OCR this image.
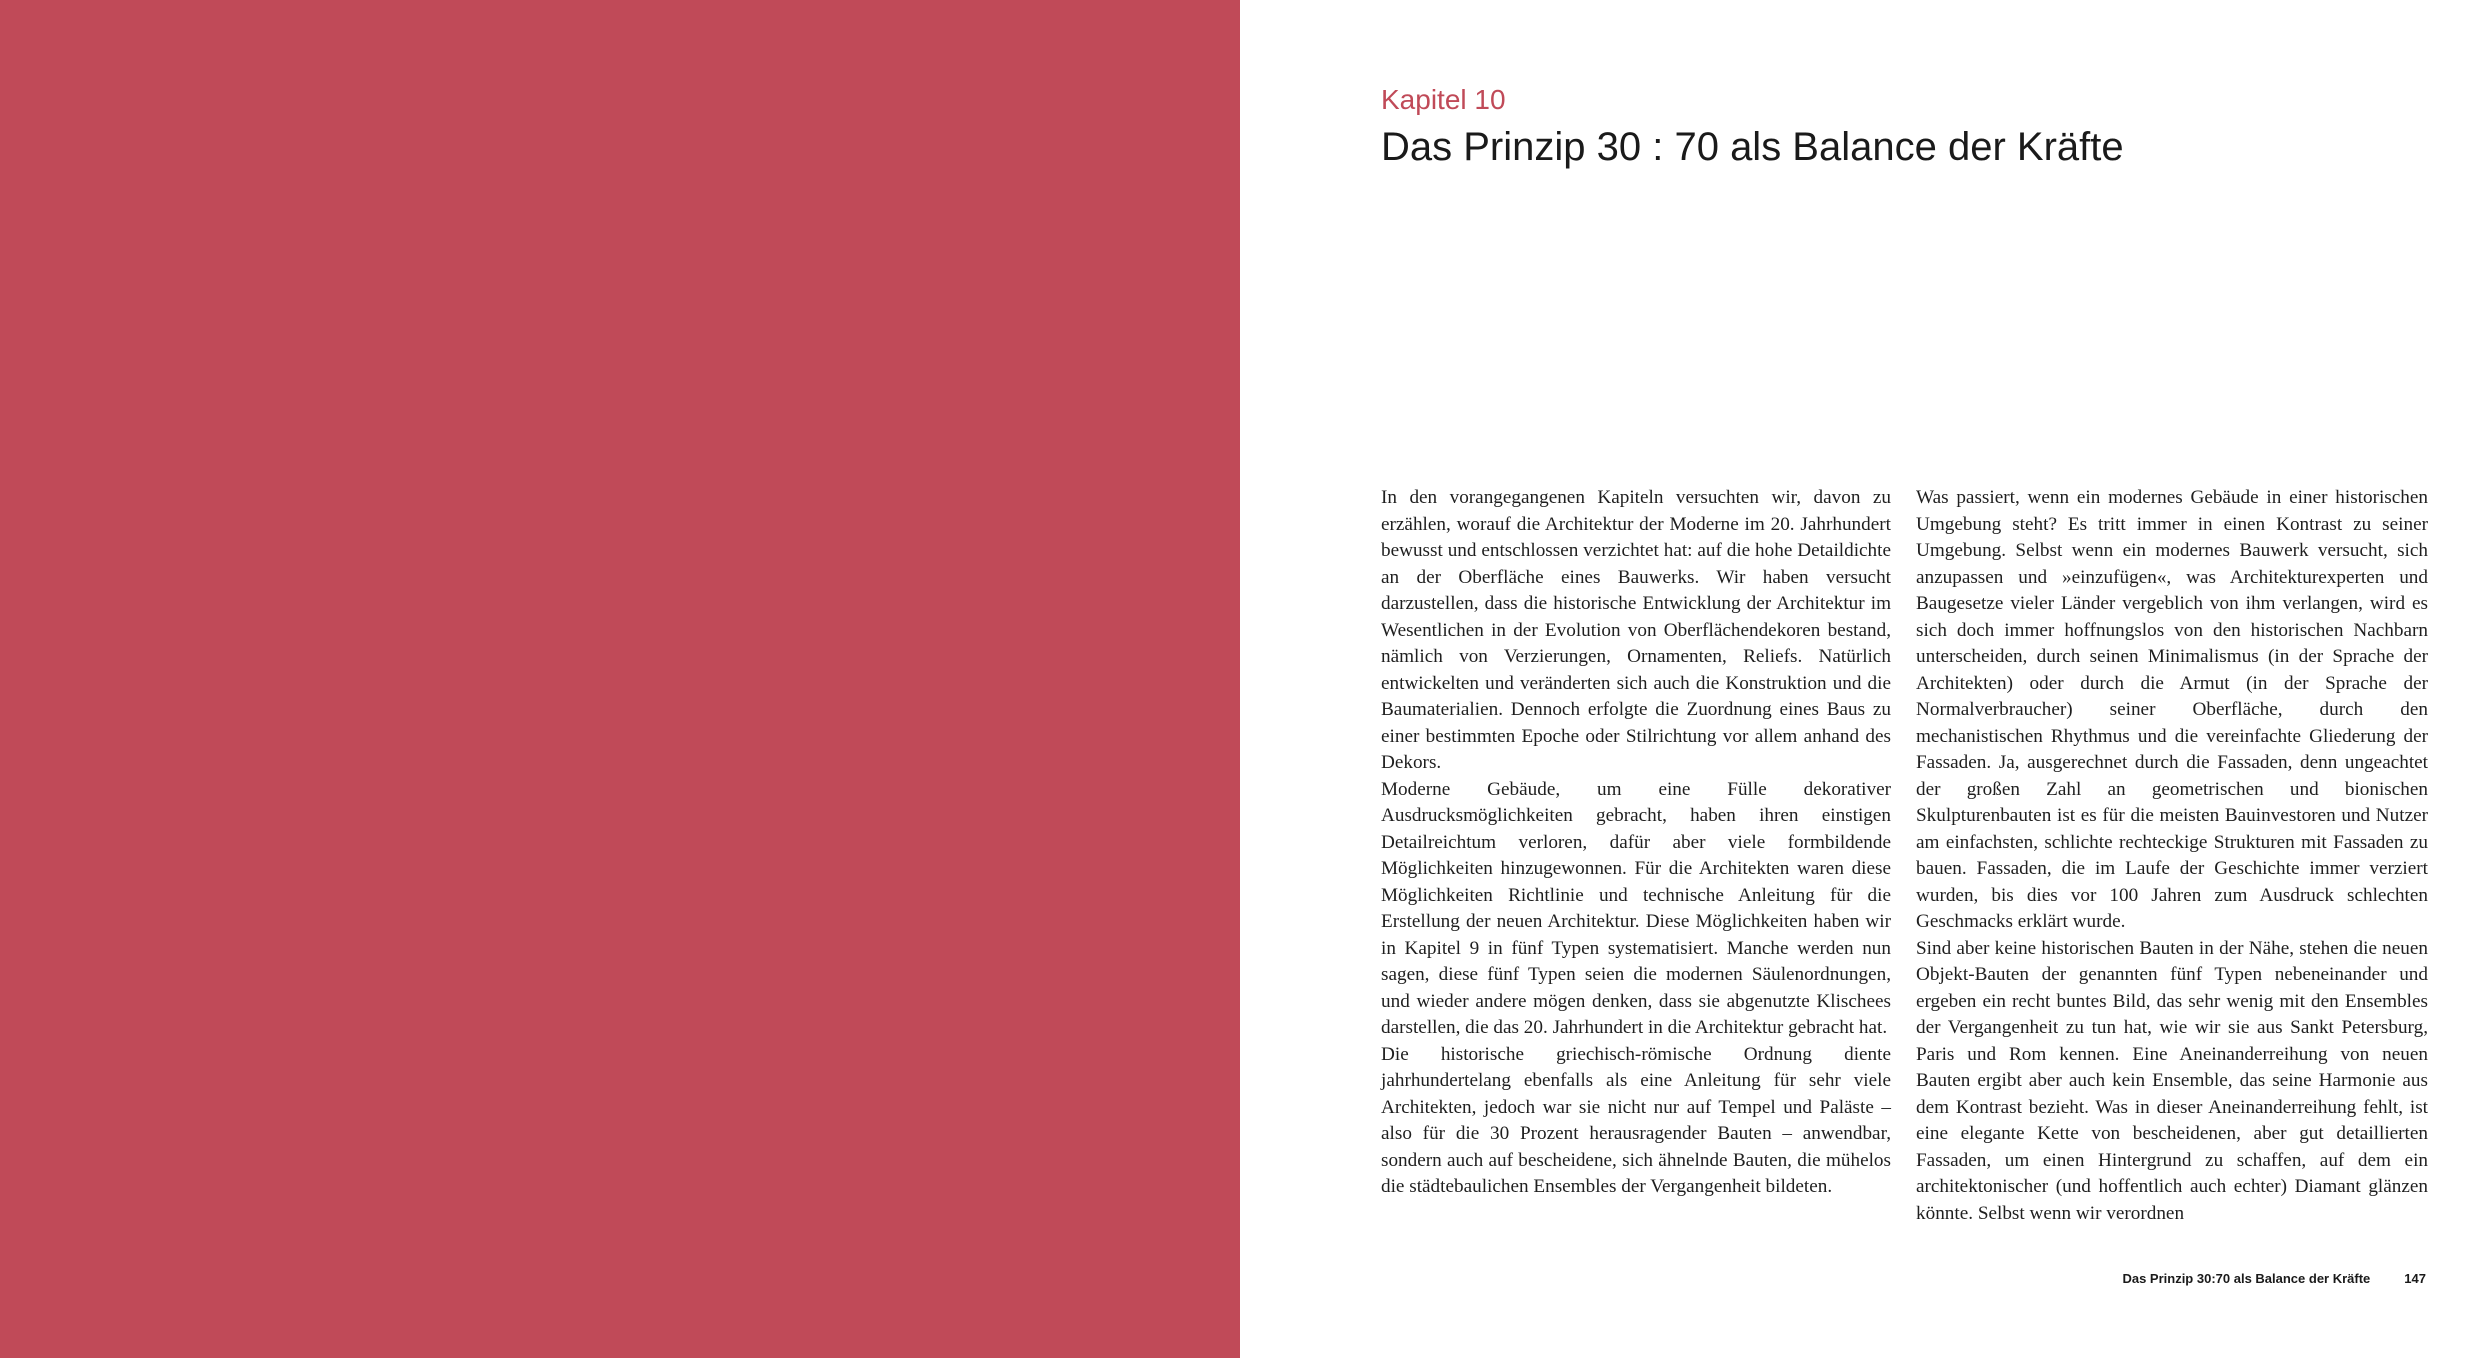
Kapitel 10
Das Prinzip 30 : 70 als Balance der Kräfte

In den vorangegangenen Kapiteln versuchten wir, davon zu erzählen, worauf die Architektur der Moderne im 20. Jahrhundert bewusst und entschlossen verzichtet hat: auf die hohe Detaildichte an der Oberfläche eines Bauwerks. Wir haben versucht darzustellen, dass die historische Entwicklung der Architektur im Wesentlichen in der Evolution von Oberflächendekoren bestand, nämlich von Verzierungen, Ornamenten, Reliefs. Natürlich entwickelten und veränderten sich auch die Konstruktion und die Baumaterialien. Dennoch erfolgte die Zuordnung eines Baus zu einer bestimmten Epoche oder Stilrichtung vor allem anhand des Dekors.

Moderne Gebäude, um eine Fülle dekorativer Ausdrucksmöglichkeiten gebracht, haben ihren einstigen Detailreichtum verloren, dafür aber viele formbildende Möglichkeiten hinzugewonnen. Für die Architekten waren diese Möglichkeiten Richtlinie und technische Anleitung für die Erstellung der neuen Architektur. Diese Möglichkeiten haben wir in Kapitel 9 in fünf Typen systematisiert. Manche werden nun sagen, diese fünf Typen seien die modernen Säulenordnungen, und wieder andere mögen denken, dass sie abgenutzte Klischees darstellen, die das 20. Jahrhundert in die Architektur gebracht hat.

Die historische griechisch-römische Ordnung diente jahrhundertelang ebenfalls als eine Anleitung für sehr viele Architekten, jedoch war sie nicht nur auf Tempel und Paläste – also für die 30 Prozent herausragender Bauten – anwendbar, sondern auch auf bescheidene, sich ähnelnde Bauten, die mühelos die städtebaulichen Ensembles der Vergangenheit bildeten.

Was passiert, wenn ein modernes Gebäude in einer historischen Umgebung steht? Es tritt immer in einen Kontrast zu seiner Umgebung. Selbst wenn ein modernes Bauwerk versucht, sich anzupassen und »einzufügen«, was Architekturexperten und Baugesetze vieler Länder vergeblich von ihm verlangen, wird es sich doch immer hoffnungslos von den historischen Nachbarn unterscheiden, durch seinen Minimalismus (in der Sprache der Architekten) oder durch die Armut (in der Sprache der Normalverbraucher) seiner Oberfläche, durch den mechanistischen Rhythmus und die vereinfachte Gliederung der Fassaden. Ja, ausgerechnet durch die Fassaden, denn ungeachtet der großen Zahl an geometrischen und bionischen Skulpturenbauten ist es für die meisten Bauinvestoren und Nutzer am einfachsten, schlichte rechteckige Strukturen mit Fassaden zu bauen. Fassaden, die im Laufe der Geschichte immer verziert wurden, bis dies vor 100 Jahren zum Ausdruck schlechten Geschmacks erklärt wurde.

Sind aber keine historischen Bauten in der Nähe, stehen die neuen Objekt-Bauten der genannten fünf Typen nebeneinander und ergeben ein recht buntes Bild, das sehr wenig mit den Ensembles der Vergangenheit zu tun hat, wie wir sie aus Sankt Petersburg, Paris und Rom kennen. Eine Aneinanderreihung von neuen Bauten ergibt aber auch kein Ensemble, das seine Harmonie aus dem Kontrast bezieht. Was in dieser Aneinanderreihung fehlt, ist eine elegante Kette von bescheidenen, aber gut detaillierten Fassaden, um einen Hintergrund zu schaffen, auf dem ein architektonischer (und hoffentlich auch echter) Diamant glänzen könnte. Selbst wenn wir verordnen

Das Prinzip 30:70 als Balance der Kräfte	147
